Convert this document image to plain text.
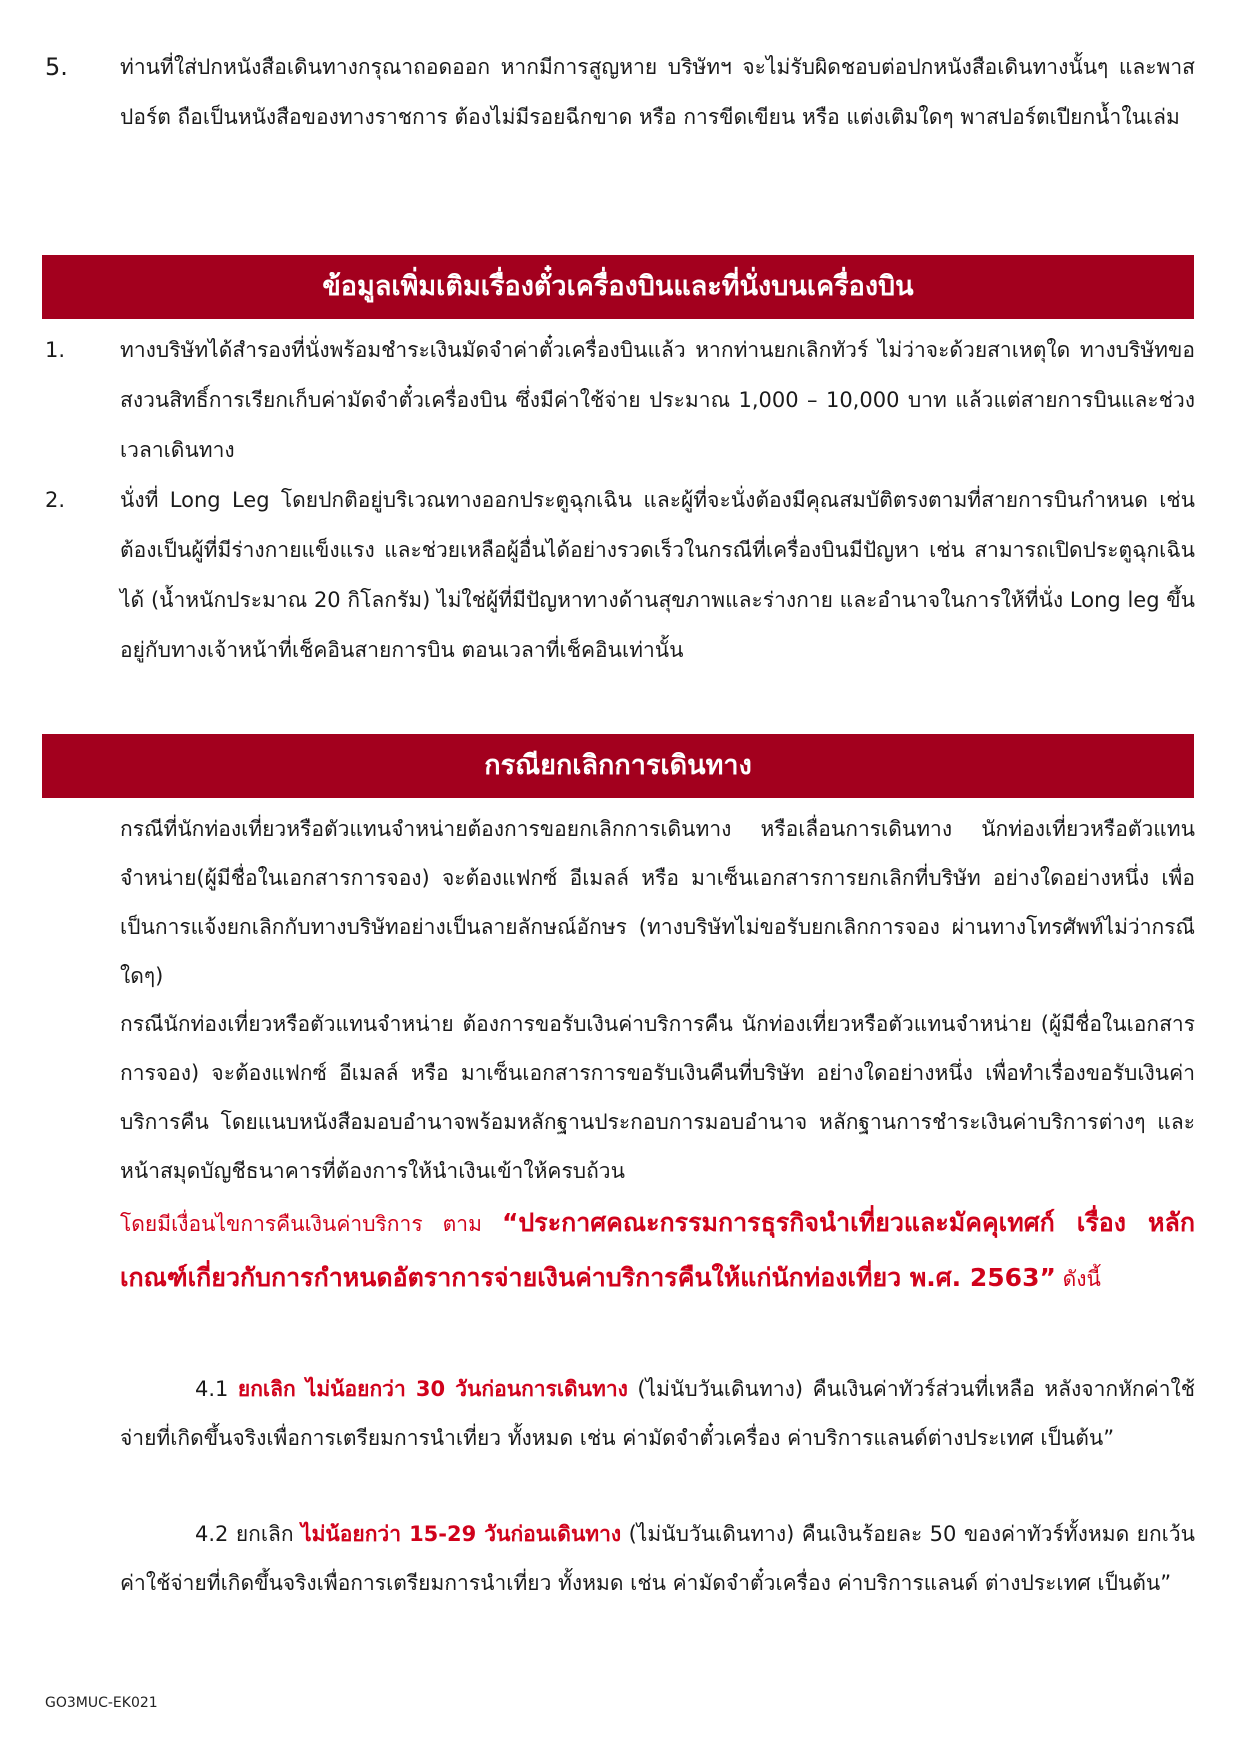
5. ท่านที่ใส่ปกหนังสือเดินทางกรุณาถอดออก หากมีการสูญหาย บริษัทฯ จะไม่รับผิดชอบต่อปกหนังสือเดินทางนั้นๆ และพาสปอร์ต ถือเป็นหนังสือของทางราชการ ต้องไม่มีรอยฉีกขาด หรือ การขีดเขียน หรือ แต่งเติมใดๆ พาสปอร์ตเปียกน้ำในเล่ม
ข้อมูลเพิ่มเติมเรื่องตั๋วเครื่องบินและที่นั่งบนเครื่องบิน
1.	ทางบริษัทได้สำรองที่นั่งพร้อมชำระเงินมัดจำค่าตั๋วเครื่องบินแล้ว หากท่านยกเลิกทัวร์ ไม่ว่าจะด้วยสาเหตุใด ทางบริษัทขอสงวนสิทธิ์การเรียกเก็บค่ามัดจำตั๋วเครื่องบิน ซึ่งมีค่าใช้จ่าย ประมาณ 1,000 – 10,000 บาท แล้วแต่สายการบินและช่วงเวลาเดินทาง
2.	นั่งที่ Long Leg โดยปกติอยู่บริเวณทางออกประตูฉุกเฉิน และผู้ที่จะนั่งต้องมีคุณสมบัติตรงตามที่สายการบินกำหนด เช่น ต้องเป็นผู้ที่มีร่างกายแข็งแรง และช่วยเหลือผู้อื่นได้อย่างรวดเร็วในกรณีที่เครื่องบินมีปัญหา เช่น สามารถเปิดประตูฉุกเฉินได้ (น้ำหนักประมาณ 20 กิโลกรัม) ไม่ใช่ผู้ที่มีปัญหาทางด้านสุขภาพและร่างกาย และอำนาจในการให้ที่นั่ง Long leg ขึ้นอยู่กับทางเจ้าหน้าที่เช็คอินสายการบิน ตอนเวลาที่เช็คอินเท่านั้น
กรณียกเลิกการเดินทาง
กรณีที่นักท่องเที่ยวหรือตัวแทนจำหน่ายต้องการขอยกเลิกการเดินทาง หรือเลื่อนการเดินทาง นักท่องเที่ยวหรือตัวแทนจำหน่าย(ผู้มีชื่อในเอกสารการจอง) จะต้องแฟกซ์ อีเมลล์ หรือ มาเซ็นเอกสารการยกเลิกที่บริษัท อย่างใดอย่างหนึ่ง เพื่อเป็นการแจ้งยกเลิกกับทางบริษัทอย่างเป็นลายลักษณ์อักษร (ทางบริษัทไม่ขอรับยกเลิกการจอง ผ่านทางโทรศัพท์ไม่ว่ากรณีใดๆ)
กรณีนักท่องเที่ยวหรือตัวแทนจำหน่าย ต้องการขอรับเงินค่าบริการคืน นักท่องเที่ยวหรือตัวแทนจำหน่าย (ผู้มีชื่อในเอกสารการจอง) จะต้องแฟกซ์ อีเมลล์ หรือ มาเซ็นเอกสารการขอรับเงินคืนที่บริษัท อย่างใดอย่างหนึ่ง เพื่อทำเรื่องขอรับเงินค่าบริการคืน โดยแนบหนังสือมอบอำนาจพร้อมหลักฐานประกอบการมอบอำนาจ หลักฐานการชำระเงินค่าบริการต่างๆ และหน้าสมุดบัญชีธนาคารที่ต้องการให้นำเงินเข้าให้ครบถ้วน
โดยมีเงื่อนไขการคืนเงินค่าบริการ ตาม “ประกาศคณะกรรมการธุรกิจนำเที่ยวและมัคคุเทศก์ เรื่อง หลักเกณฑ์เกี่ยวกับการกำหนดอัตราการจ่ายเงินค่าบริการคืนให้แก่นักท่องเที่ยว พ.ศ. 2563” ดังนี้
4.1 ยกเลิก ไม่น้อยกว่า 30 วันก่อนการเดินทาง (ไม่นับวันเดินทาง) คืนเงินค่าทัวร์ส่วนที่เหลือ หลังจากหักค่าใช้จ่ายที่เกิดขึ้นจริงเพื่อการเตรียมการนำเที่ยว ทั้งหมด เช่น ค่ามัดจำตั๋วเครื่อง ค่าบริการแลนด์ต่างประเทศ เป็นต้น”
4.2 ยกเลิก ไม่น้อยกว่า 15-29 วันก่อนเดินทาง (ไม่นับวันเดินทาง) คืนเงินร้อยละ 50 ของค่าทัวร์ทั้งหมด ยกเว้น ค่าใช้จ่ายที่เกิดขึ้นจริงเพื่อการเตรียมการนำเที่ยว ทั้งหมด เช่น ค่ามัดจำตั๋วเครื่อง ค่าบริการแลนด์ ต่างประเทศ เป็นต้น”
GO3MUC-EK021
